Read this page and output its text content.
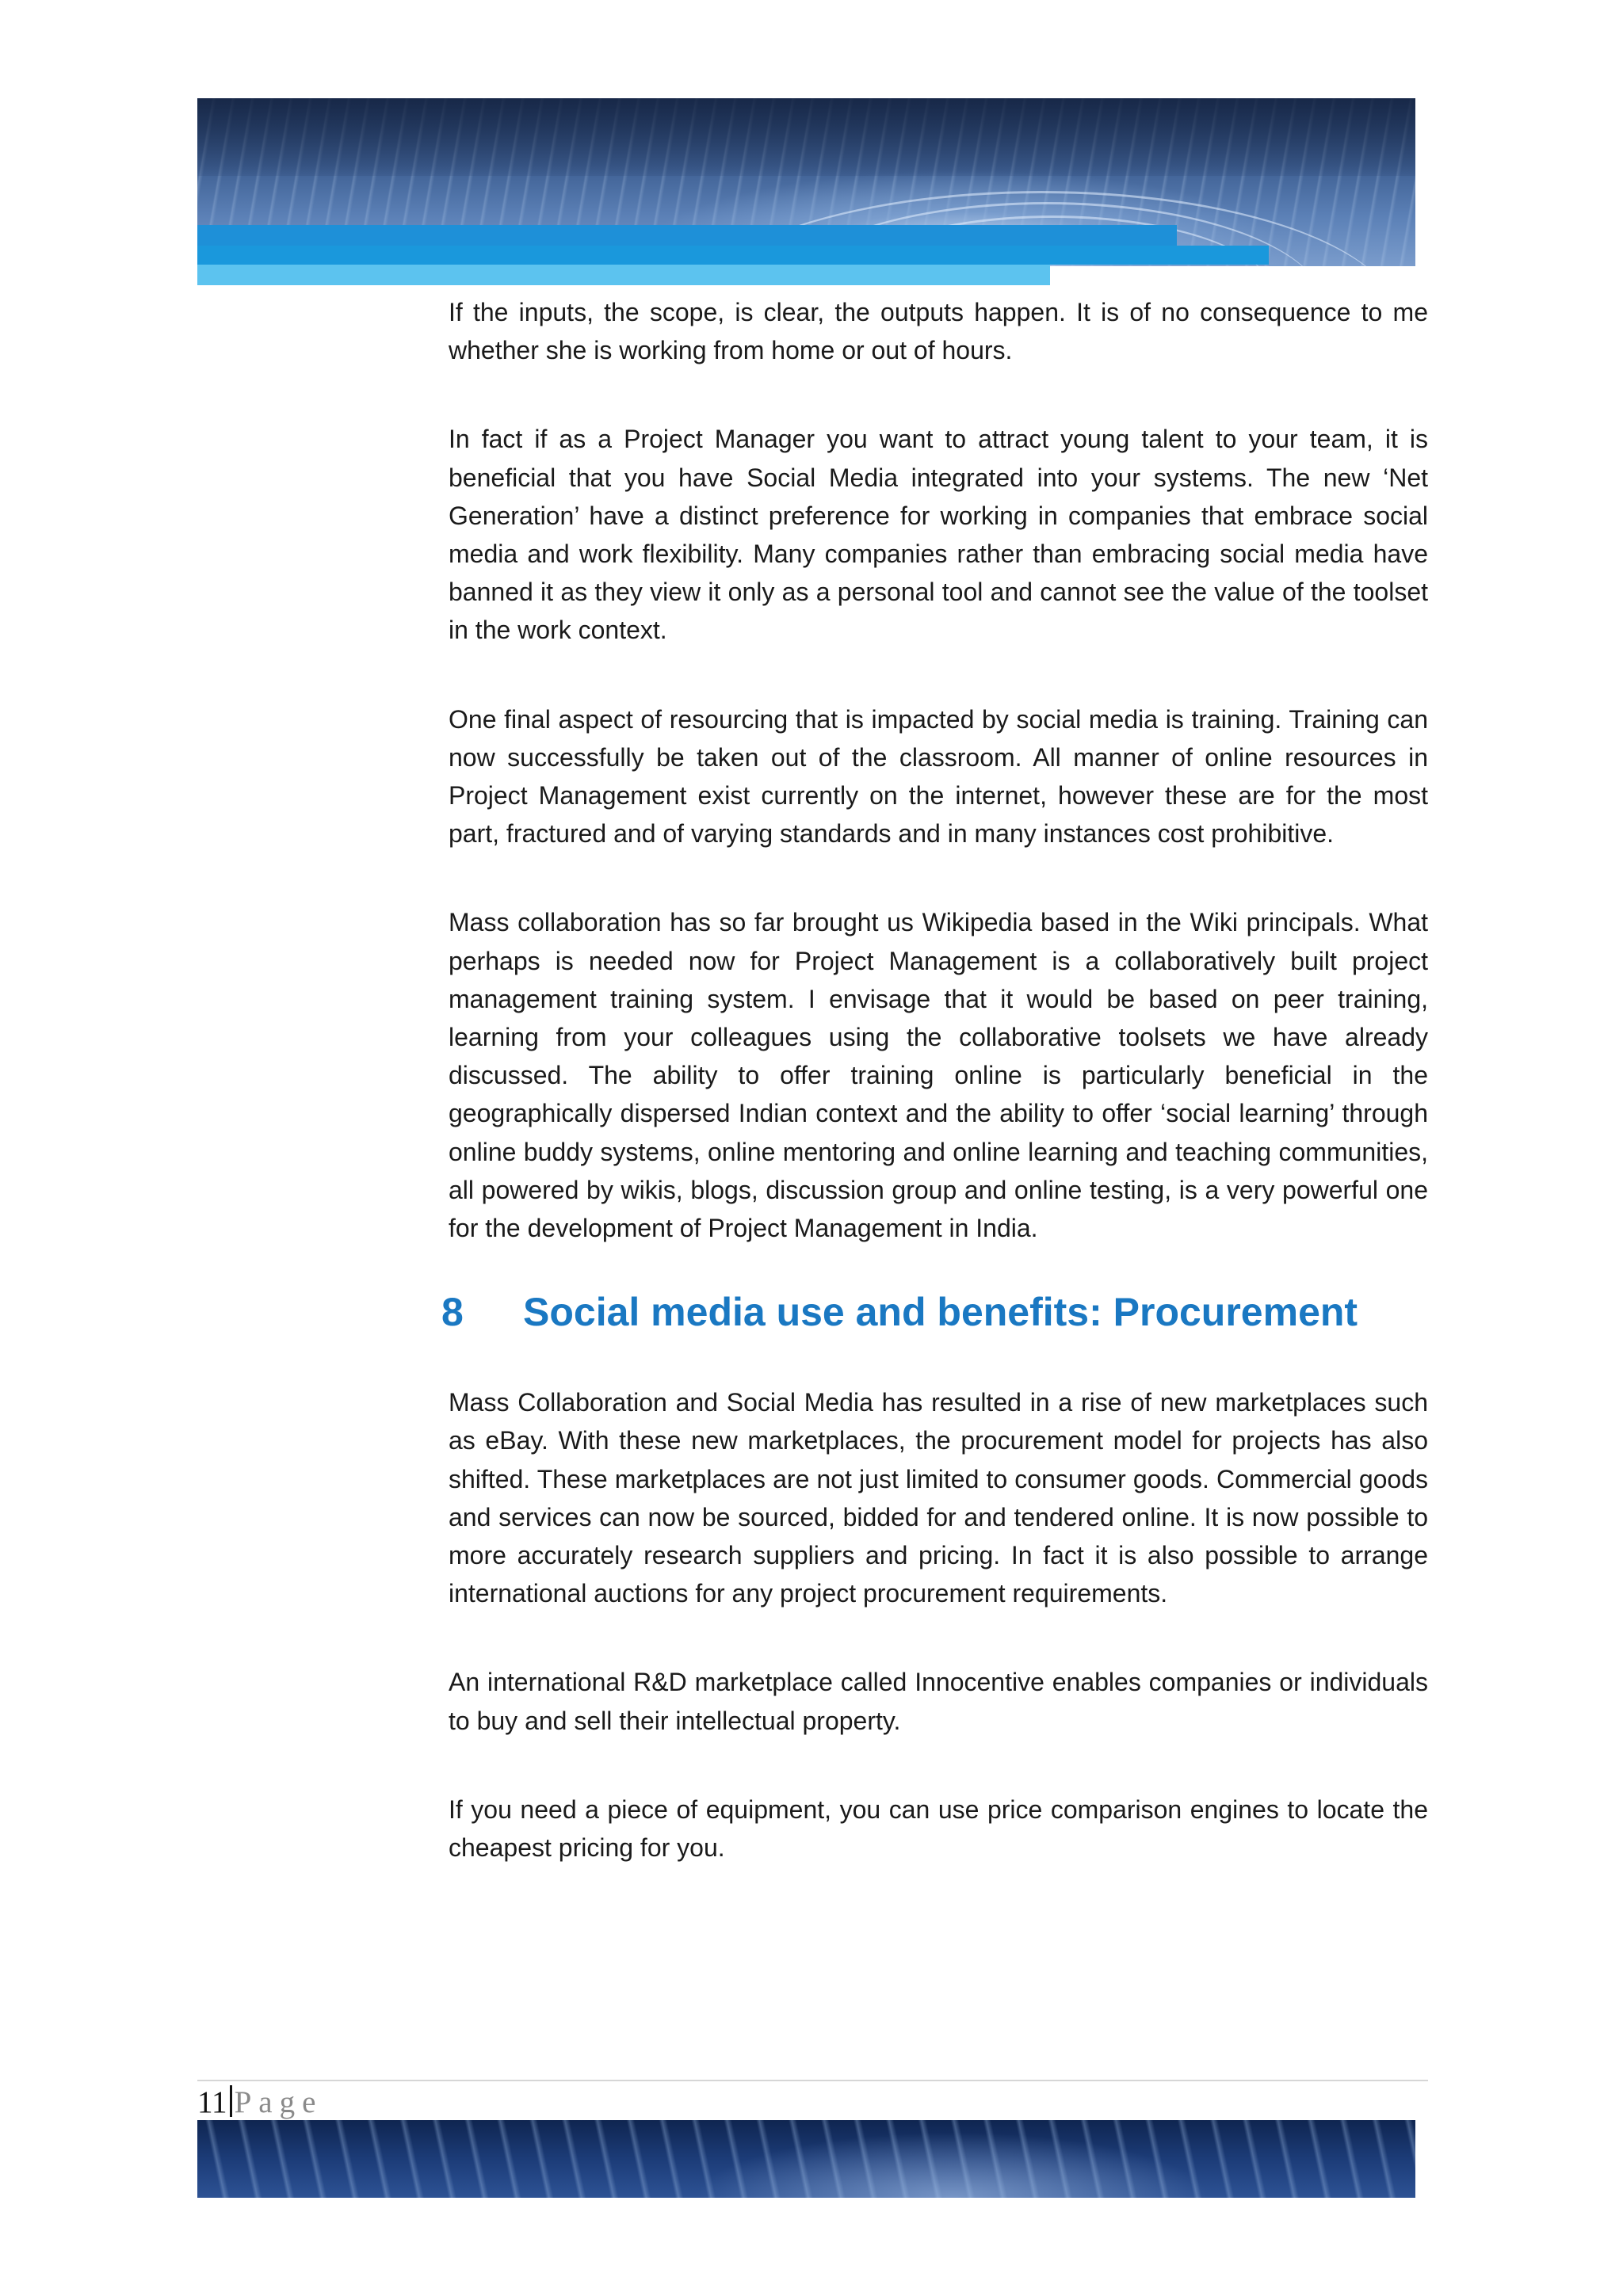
If the inputs, the scope, is clear, the outputs happen. It is of no consequence to me whether she is working from home or out of hours.

In fact if as a Project Manager you want to attract young talent to your team, it is beneficial that you have Social Media integrated into your systems. The new ‘Net Generation’ have a distinct preference for working in companies that embrace social media and work flexibility. Many companies rather than embracing social media have banned it as they view it only as a personal tool and cannot see the value of the toolset in the work context.

One final aspect of resourcing that is impacted by social media is training. Training can now successfully be taken out of the classroom. All manner of online resources in Project Management exist currently on the internet, however these are for the most part, fractured and of varying standards and in many instances cost prohibitive.

Mass collaboration has so far brought us Wikipedia based in the Wiki principals. What perhaps is needed now for Project Management is a collaboratively built project management training system. I envisage that it would be based on peer training, learning from your colleagues using the collaborative toolsets we have already discussed. The ability to offer training online is particularly beneficial in the geographically dispersed Indian context and the ability to offer ‘social learning’ through online buddy systems, online mentoring and online learning and teaching communities, all powered by wikis, blogs, discussion group and online testing, is a very powerful one for the development of Project Management in India.

8	Social media use and benefits: Procurement

Mass Collaboration and Social Media has resulted in a rise of new marketplaces such as eBay. With these new marketplaces, the procurement model for projects has also shifted. These marketplaces are not just limited to consumer goods. Commercial goods and services can now be sourced, bidded for and tendered online. It is now possible to more accurately research suppliers and pricing. In fact it is also possible to arrange international auctions for any project procurement requirements.

An international R&D marketplace called Innocentive enables companies or individuals to buy and sell their intellectual property.

If you need a piece of equipment, you can use price comparison engines to locate the cheapest pricing for you.

11 Page
